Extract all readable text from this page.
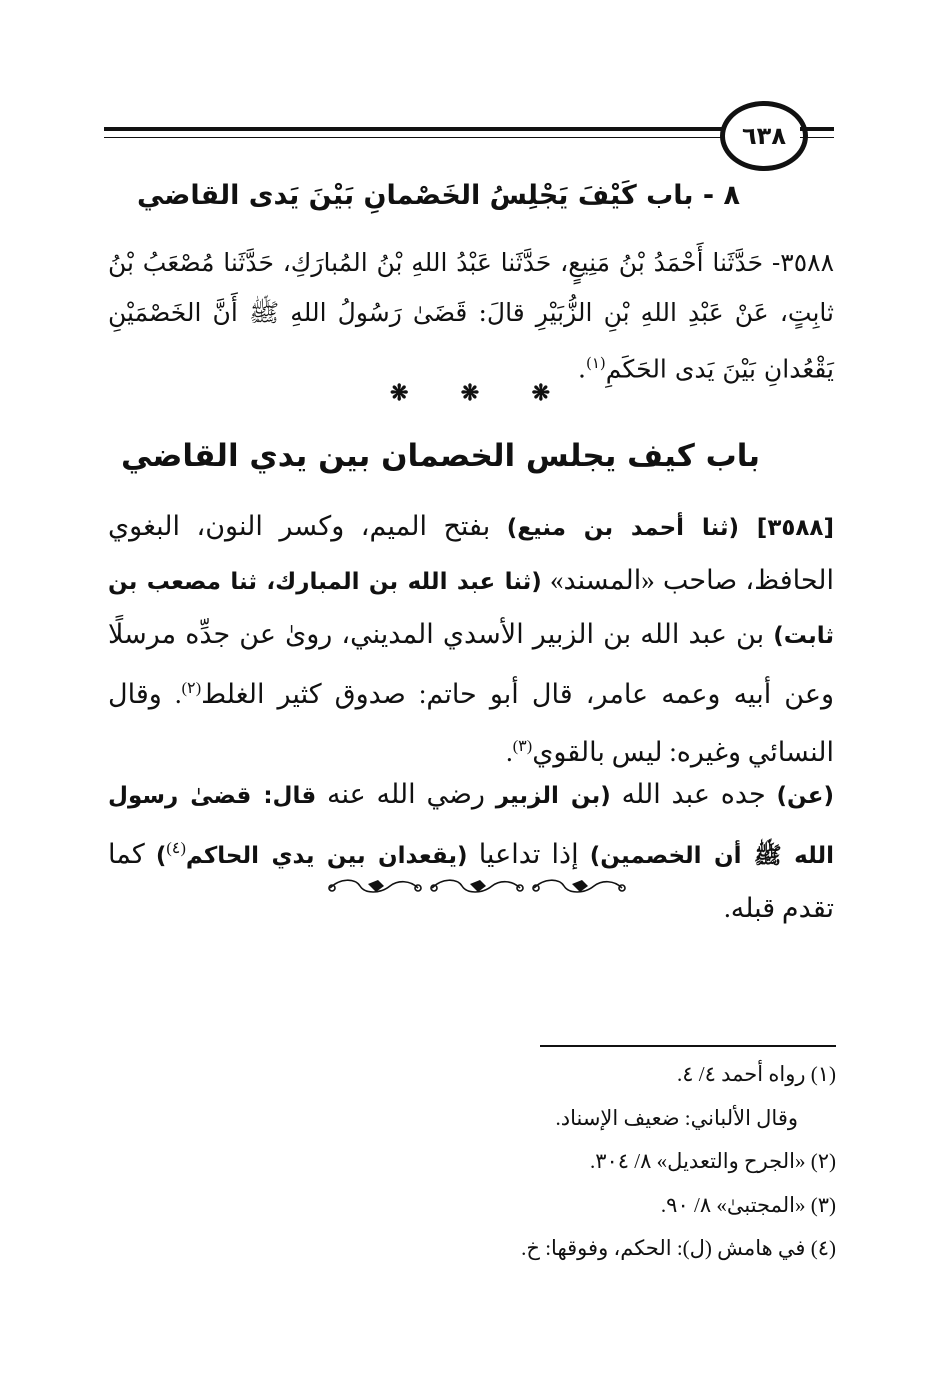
٦٣٨
٨ - باب كَيْفَ يَجْلِسُ الخَصْمانِ بَيْنَ يَدى القاضي
٣٥٨٨- حَدَّثَنا أَحْمَدُ بْنُ مَنِيعٍ، حَدَّثَنا عَبْدُ اللهِ بْنُ المُبارَكِ، حَدَّثَنا مُصْعَبُ بْنُ ثابِتٍ، عَنْ عَبْدِ اللهِ بْنِ الزُّبَيْرِ قالَ: قَضَىٰ رَسُولُ اللهِ ﷺ أَنَّ الخَصْمَيْنِ يَقْعُدانِ بَيْنَ يَدى الحَكَمِ$^{(١)}$.
❋ ❋ ❋
باب كيف يجلس الخصمان بين يدي القاضي
[٣٥٨٨] (ثنا أحمد بن منيع) بفتح الميم، وكسر النون، البغوي الحافظ، صاحب «المسند» (ثنا عبد الله بن المبارك، ثنا مصعب بن ثابت) بن عبد الله بن الزبير الأسدي المديني، روىٰ عن جدِّه مرسلًا وعن أبيه وعمه عامر، قال أبو حاتم: صدوق كثير الغلط$^{(٢)}$. وقال النسائي وغيره: ليس بالقوي$^{(٣)}$.
(عن) جده عبد الله (بن الزبير رضي الله عنه قال: قضىٰ رسول الله ﷺ أن الخصمين) إذا تداعيا (يقعدان بين يدي الحاكم$^{(٤)}$) كما تقدم قبله.
(١) رواه أحمد ٤/ ٤.
وقال الألباني: ضعيف الإسناد.
(٢) «الجرح والتعديل» ٨/ ٣٠٤.
(٣) «المجتبىٰ» ٨/ ٩٠.
(٤) في هامش (ل): الحكم، وفوقها: خ.
